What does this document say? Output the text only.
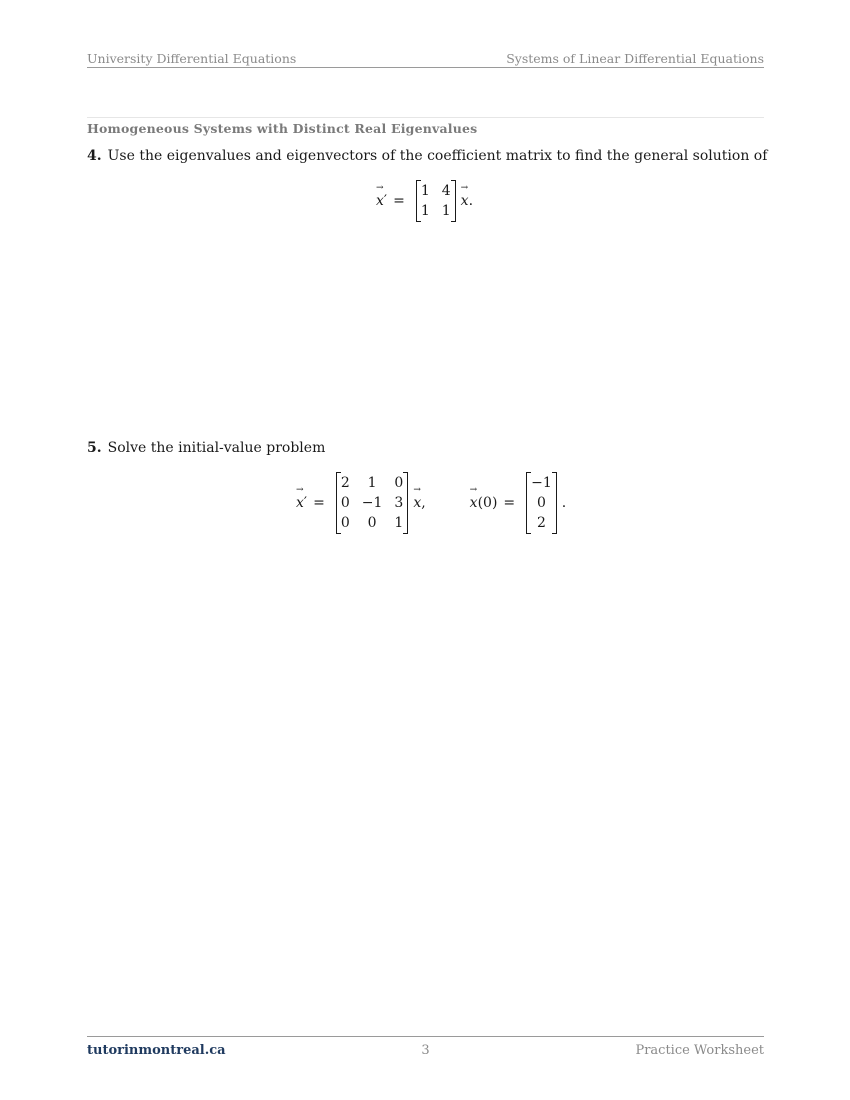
University Differential Equations	Systems of Linear Differential Equations
Homogeneous Systems with Distinct Real Eigenvalues
4. Use the eigenvalues and eigenvectors of the coefficient matrix to find the general solution of
→ x ′ =
1 4
1 1
→ x .
5. Solve the initial-value problem
→ x ′ =
2	1	0
0 −1 3
0	0	1
→ x ,
→	x (0) =
−1
0
2
.
tutorinmontreal.ca	3	Practice Worksheet
